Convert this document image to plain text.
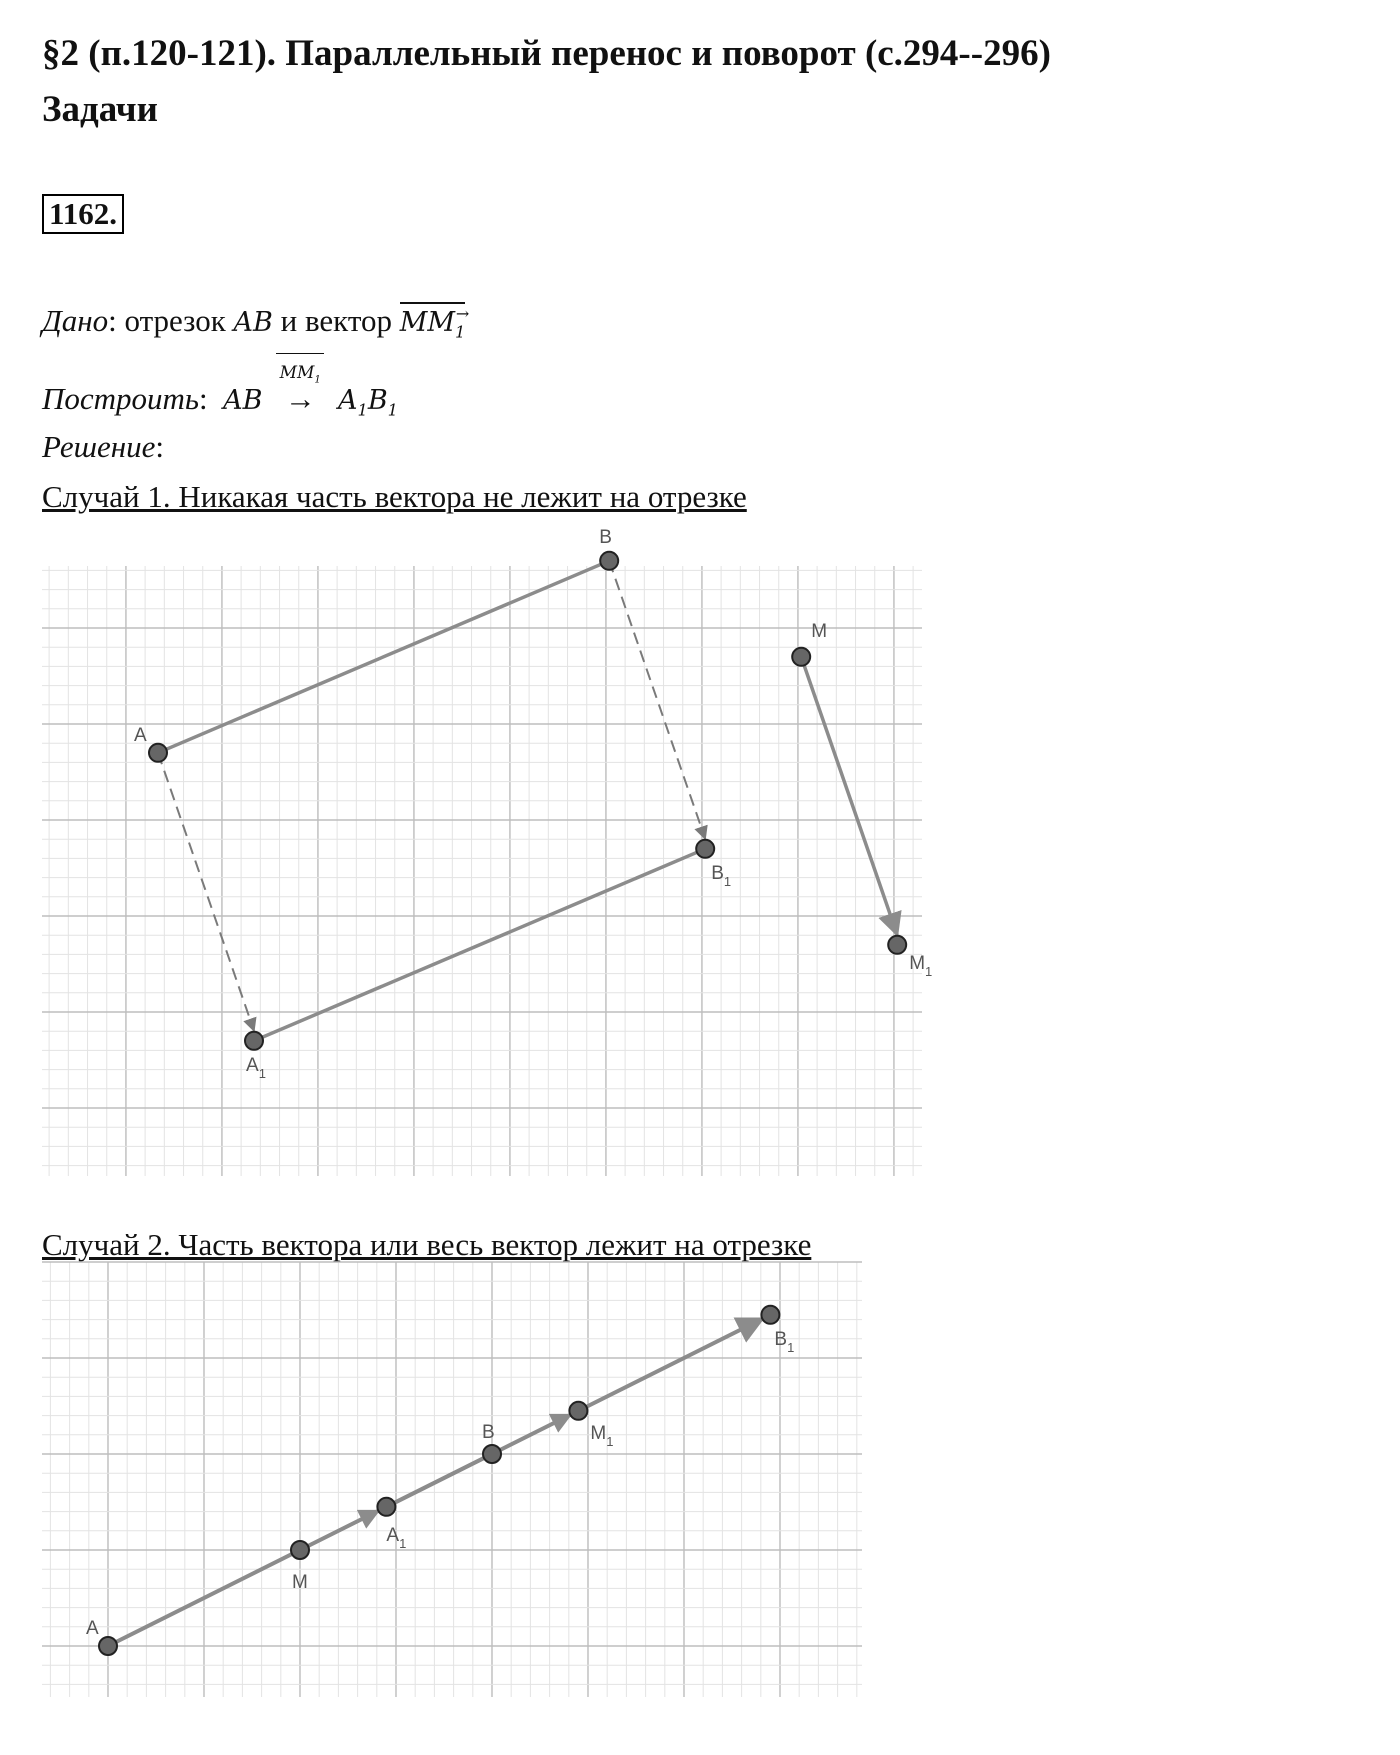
§2 (п.120-121). Параллельный перенос и поворот (с.294--296)
Задачи
1162.
Дано: отрезок AB и вектор	→
$MM_1$
Построить: AB
$MM_1$
→ $A_1B_1$
Решение:
Случай 1. Никакая часть вектора не лежит на отрезке
A
B
$A_1$
$B_1$
M
$M_1$
Случай 2. Часть вектора или весь вектор лежит на отрезке
A
M
$A_1$
B	$M_1$
$B_1$
